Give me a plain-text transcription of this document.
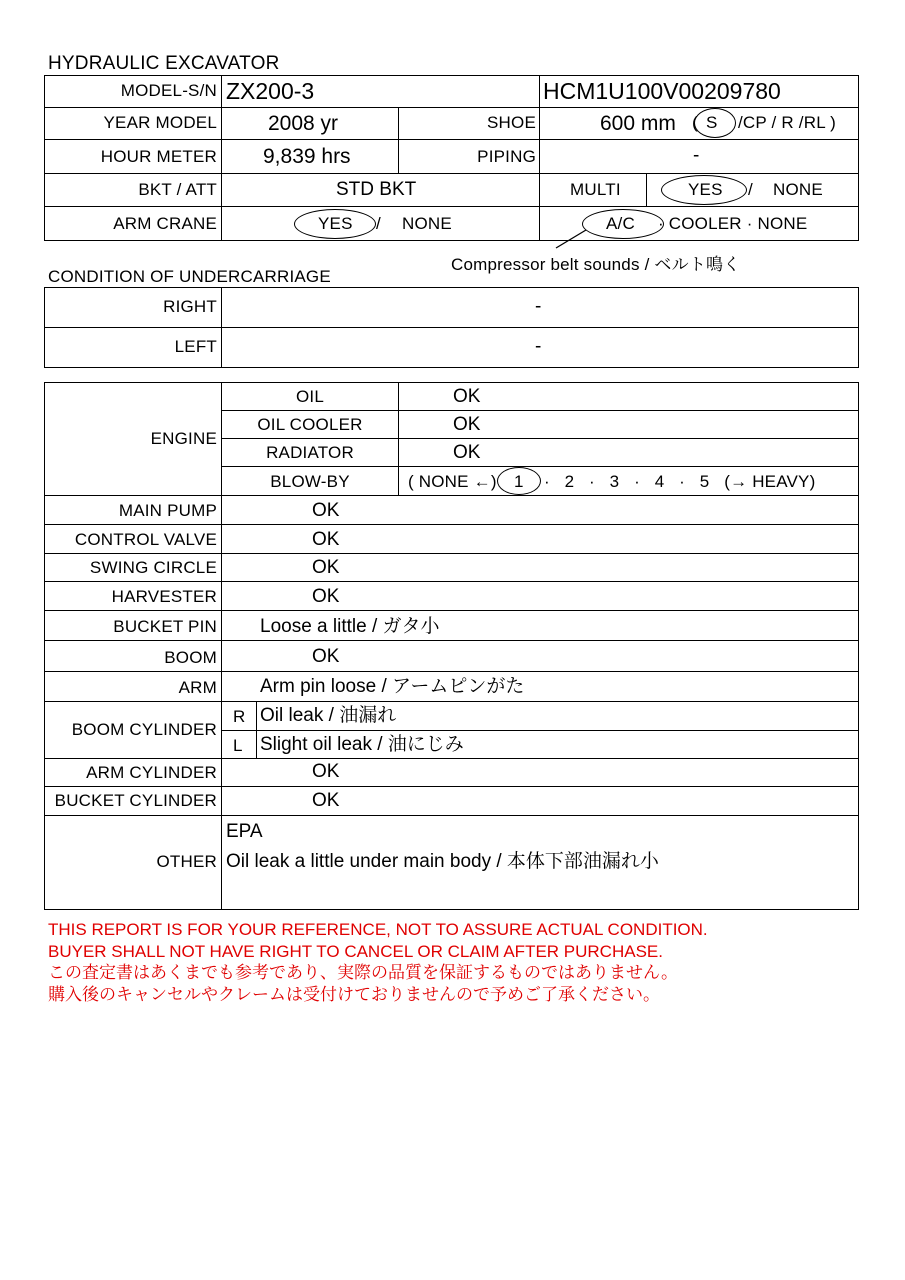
HYDRAULIC EXCAVATOR
MODEL-S/N ZX200-3	HCM1U100V00209780
YEAR MODEL 2008 yr	SHOE	600 mm ( S /CP / R /RL )
HOUR METER 9,839 hrs	PIPING	-
BKT / ATT	STD BKT	MULTI	YES / NONE
ARM CRANE	YES / NONE	A/C · COOLER · NONE
Compressor belt sounds / ベルト鳴く
CONDITION OF UNDERCARRIAGE
RIGHT	-
LEFT	-
ENGINE
OIL	OK
OIL COOLER	OK
RADIATOR	OK
BLOW-BY	( NONE ←) 1 ·   2   ·   3   ·   4   ·   5   (→ HEAVY)
MAIN PUMP	OK
CONTROL VALVE	OK
SWING CIRCLE	OK
HARVESTER	OK
BUCKET PIN Loose a little / ガタ小
BOOM	OK
ARM Arm pin loose / アームピンがた
BOOM CYLINDER
R Oil leak / 油漏れ
L Slight oil leak / 油にじみ
ARM CYLINDER	OK
BUCKET CYLINDER	OK
OTHER
EPA
Oil leak a little under main body / 本体下部油漏れ小
THIS REPORT IS FOR YOUR REFERENCE, NOT TO ASSURE ACTUAL CONDITION.
BUYER SHALL NOT HAVE RIGHT TO CANCEL OR CLAIM AFTER PURCHASE.
この査定書はあくまでも参考であり、実際の品質を保証するものではありません。
購入後のキャンセルやクレームは受付けておりませんので予めご了承ください。
